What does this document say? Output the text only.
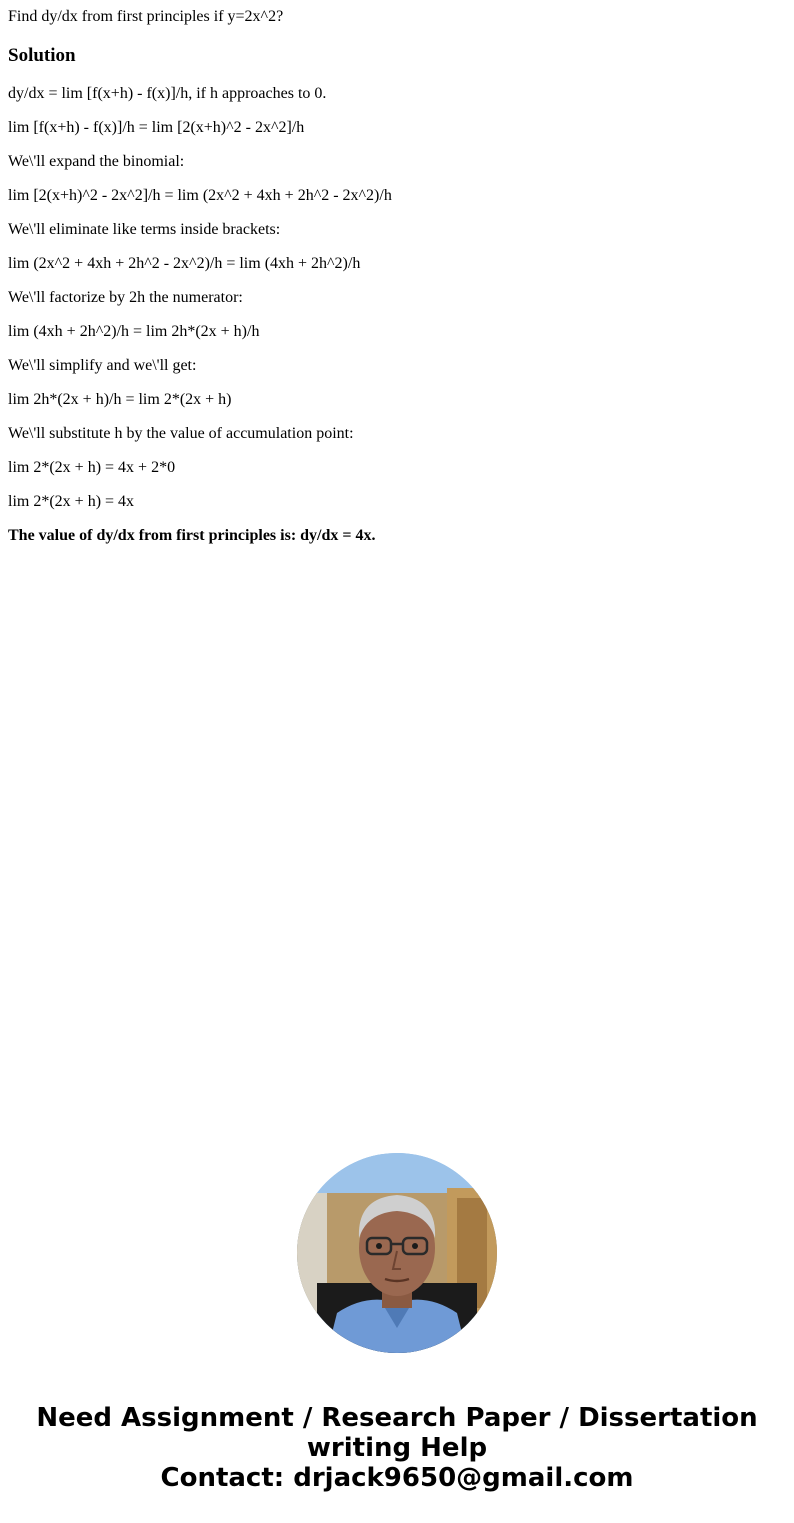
Find dy/dx from first principles if y=2x^2?

Solution
dy/dx = lim [f(x+h) - f(x)]/h, if h approaches to 0.
lim [f(x+h) - f(x)]/h = lim [2(x+h)^2 - 2x^2]/h
We\'ll expand the binomial:
lim [2(x+h)^2 - 2x^2]/h = lim (2x^2 + 4xh + 2h^2 - 2x^2)/h
We\'ll eliminate like terms inside brackets:
lim (2x^2 + 4xh + 2h^2 - 2x^2)/h = lim (4xh + 2h^2)/h
We\'ll factorize by 2h the numerator:
lim (4xh + 2h^2)/h = lim 2h*(2x + h)/h
We\'ll simplify and we\'ll get:
lim 2h*(2x + h)/h = lim 2*(2x + h)
We\'ll substitute h by the value of accumulation point:
lim 2*(2x + h) = 4x + 2*0
lim 2*(2x + h) = 4x

The value of dy/dx from first principles is: dy/dx = 4x.

Need Assignment / Research Paper / Dissertation
writing Help
Contact: drjack9650@gmail.com
